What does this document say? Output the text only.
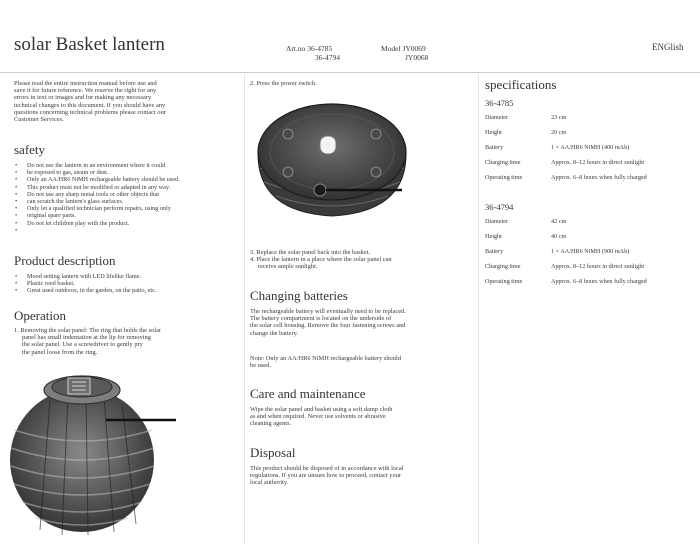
solar Basket lantern	Art.no 36-4785
36-4794
Model JY0069
JY0068
ENGlish
Please read the entire instruction manual before use and
save it for future reference. We reserve the right for any
errors in text or images and for making any necessary
technical changes to this document. If you should have any
questions concerning technical problems please contact our
Customer Services.
safety
• Do not use the lantern in an environment where it could
• be exposed to gas, steam or dust.
• Only an AA/HR6 NiMH rechargeable battery should be used.
• This product must not be modified or adapted in any way.
• Do not use any sharp metal tools or other objects that
• can scratch the lantern's glass surfaces.
• Only let a qualified technician perform repairs, using only
• original spare parts.
• Do not let children play with the product.
•
Product description
• Mood setting lantern with LED lifelike flame.
• Plastic reed basket.
• Great used outdoors, in the garden, on the patio, etc.
Operation
1. Removing the solar panel: The ring that holds the solar
panel has small indentation at the lip for removing
the solar panel. Use a screwdriver to gently pry
the panel loose from the ring.
2. Press the power switch.
3. Replace the solar panel back into the basket.
4. Place the lantern in a place where the solar panel can
receive ample sunlight.
Changing batteries
The rechargeable battery will eventually need to be replaced.
The battery compartment is located on the underside of
the solar cell housing. Remove the four fastening screws and
change the battery.
Note: Only an AA/HR6 NiMH rechargeable battery should
be used.
Care and maintenance
Wipe the solar panel and basket using a soft damp cloth
as and when required. Never use solvents or abrasive
cleaning agents.
Disposal
This product should be disposed of in accordance with local
regulations. If you are unsure how to proceed, contact your
local authority.
specifications
36-4785
Diameter	23 cm
Height	20 cm
Battery	1 × AA/HR6 NiMH (400 mAh)
Charging time	Approx. 8–12 hours in direct sunlight
Operating time	Approx. 6–8 hours when fully charged
36-4794
Diameter	42 cm
Height	40 cm
Battery	1 × AA/HR6 NiMH (900 mAh)
Charging time	Approx. 8–12 hours in direct sunlight
Operating time	Approx. 6–8 hours when fully charged
